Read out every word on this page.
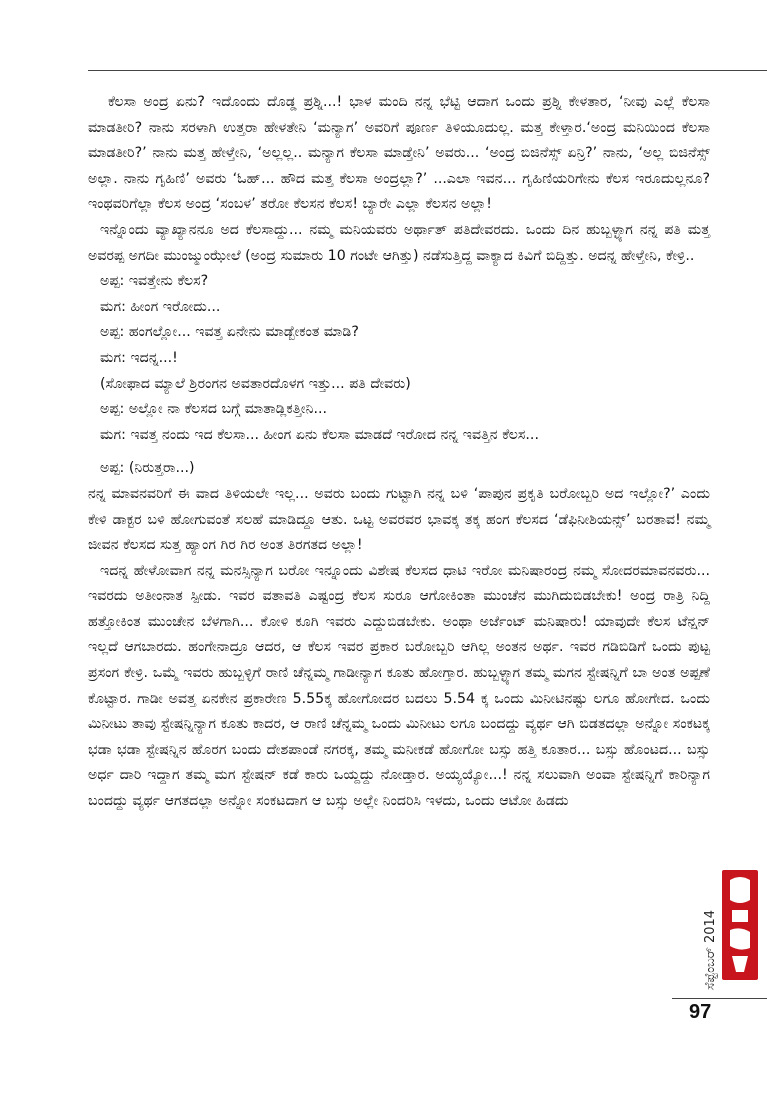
ಕೆಲಸಾ ಅಂದ್ರ ಏನು? ಇದೊಂದು ದೊಡ್ಡ ಪ್ರಶ್ನಿ...! ಭಾಳ ಮಂದಿ ನನ್ನ ಭೆಟ್ಟಿ ಆದಾಗ ಒಂದು ಪ್ರಶ್ನಿ ಕೇಳತಾರ, ‘ನೀವು ಎಲ್ಲೆ ಕೆಲಸಾ ಮಾಡತೀರಿ? ನಾನು ಸರಳಾಗಿ ಉತ್ತರಾ ಹೇಳತೇನಿ ‘ಮನ್ಯಾಗ’ ಅವರಿಗೆ ಪೂರ್ಣ ತಿಳಿಯೂದುಲ್ಲ. ಮತ್ತ ಕೇಳ್ತಾರ.‘ಅಂದ್ರ ಮನಿಯಿಂದ ಕೆಲಸಾ ಮಾಡತೀರಿ?’ ನಾನು ಮತ್ತ ಹೇಳ್ತೇನಿ, ‘ಅಲ್ಲಲ್ಲ.. ಮನ್ಯಾಗ ಕೆಲಸಾ ಮಾಡ್ತೇನಿ’ ಅವರು... ‘ಅಂದ್ರ ಬಿಜಿನೆಸ್ಸ್ ಏನ್ರಿ?’ ನಾನು, ‘ಅಲ್ಲ ಬಿಜಿನೆಸ್ಸ್ ಅಲ್ಲಾ. ನಾನು ಗೃಹಿಣಿ’ ಅವರು ‘ಓಹ್... ಹೌದ ಮತ್ತ ಕೆಲಸಾ ಅಂದ್ರಲ್ಲಾ?’ ...ಎಲಾ ಇವನ... ಗೃಹಿಣಿಯರಿಗೇನು ಕೆಲಸ ಇರೂದುಲ್ಲನೂ? ಇಂಥವರಿಗೆಲ್ಲಾ ಕೆಲಸ ಅಂದ್ರ ‘ಸಂಬಳ’ ತರೋ ಕೆಲಸನ ಕೆಲಸ! ಬ್ಯಾರೇ ಎಲ್ಲಾ ಕೆಲಸನ ಅಲ್ಲಾ!

ಇನ್ನೊಂದು ವ್ಯಾಖ್ಯಾನನೂ ಅದ ಕೆಲಸಾದ್ದು... ನಮ್ಮ ಮನಿಯವರು ಅರ್ಥಾತ್ ಪತಿದೇವರದು. ಒಂದು ದಿನ ಹುಬ್ಬಳ್ಳ್ಯಾಗ ನನ್ನ ಪತಿ ಮತ್ತ ಅವರಪ್ಪ ಅಗದೀ ಮುಂಜ್ಮುಂಝೇಲೆ (ಅಂದ್ರ ಸುಮಾರು 10 ಗಂಟೇ ಆಗಿತ್ತು) ನಡೆಸುತ್ತಿದ್ದ ವಾಕ್ಯಾದ ಕಿವಿಗೆ ಬಿದ್ದಿತ್ತು. ಅದನ್ನ ಹೇಳ್ತೇನಿ, ಕೇಳ್ರಿ..

ಅಪ್ಪ: ಇವತ್ತೇನು ಕೆಲಸ?

ಮಗ: ಹೀಂಗ ಇರೋದು...

ಅಪ್ಪ: ಹಂಗಲ್ಲೋ... ಇವತ್ತ ಏನೇನು ಮಾಡ್ಬೇಕಂತ ಮಾಡಿ?

ಮಗ: ಇದನ್ನ...!

(ಸೋಫಾದ ಮ್ಯಾಲೆ ಶ್ರಿರಂಗನ ಅವತಾರದೊಳಗ ಇತ್ತು... ಪತಿ ದೇವರು)

ಅಪ್ಪ: ಅಲ್ಲೋ ನಾ ಕೆಲಸದ ಬಗ್ಗೆ ಮಾತಾಡ್ಲಿಕತ್ತೀನಿ...

ಮಗ: ಇವತ್ತ ನಂದು ಇದ ಕೆಲಸಾ... ಹೀಂಗ ಏನು ಕೆಲಸಾ ಮಾಡದೆ ಇರೋದ ನನ್ನ ಇವತ್ತಿನ ಕೆಲಸ...

ಅಪ್ಪ: (ನಿರುತ್ತರಾ...)

ನನ್ನ ಮಾವನವರಿಗೆ ಈ ವಾದ ತಿಳಿಯಲೇ ಇಲ್ಲ... ಅವರು ಬಂದು ಗುಟ್ಟಾಗಿ ನನ್ನ ಬಳಿ ‘ಪಾಪುನ ಪ್ರಕೃತಿ ಬರೋಬ್ಬರಿ ಅದ ಇಲ್ಲೋ?’ ಎಂದು ಕೇಳಿ ಡಾಕ್ಟರ ಬಳಿ ಹೋಗುವಂತೆ ಸಲಹೆ ಮಾಡಿದ್ದೂ ಆತು. ಒಟ್ಟ ಅವರವರ ಭಾವಕ್ಕ ತಕ್ಕ ಹಂಗ ಕೆಲಸದ ‘ಡೆಫಿನೀಶಿಯನ್ಸ್’ ಬರತಾವ! ನಮ್ಮ ಜೀವನ ಕೆಲಸದ ಸುತ್ತ ಹ್ಯಾಂಗ ಗಿರ ಗಿರ ಅಂತ ತಿರಗತದ ಅಲ್ಲಾ!

ಇದನ್ನ ಹೇಳೋವಾಗ ನನ್ನ ಮನಸ್ಸಿನ್ಯಾಗ ಬರೋ ಇನ್ನೂಂದು ವಿಶೇಷ ಕೆಲಸದ ಧಾಟಿ ಇರೋ ಮನಿಷಾರಂದ್ರ ನಮ್ಮ ಸೋದರಮಾವನವರು... ಇವರದು ಅತೀಂನಾತ ಸ್ಪೀಡು. ಇವರ ವತಾವತಿ ಎಷ್ಟಂದ್ರ ಕೆಲಸ ಸುರೂ ಆಗೋಕಿಂತಾ ಮುಂಚೆನ ಮುಗಿದುಬಿಡಬೇಕು! ಅಂದ್ರ ರಾತ್ರಿ ನಿದ್ದಿ ಹತ್ತೋಕಿಂತ ಮುಂಚೇನ ಬೆಳಗಾಗಿ... ಕೋಳಿ ಕೂಗಿ ಇವರು ಎದ್ದುಬಿಡಬೇಕು. ಅಂಥಾ ಅರ್ಜೆಂಟ್ ಮನಿಷಾರು! ಯಾವುದೇ ಕೆಲಸ ಟೆನ್ಷನ್ ಇಲ್ಲದೆ ಆಗಬಾರದು. ಹಂಗೇನಾದ್ರೂ ಆದರ, ಆ ಕೆಲಸ ಇವರ ಪ್ರಕಾರ ಬರೋಬ್ಬರಿ ಆಗಿಲ್ಲ ಅಂತನ ಅರ್ಥ. ಇವರ ಗಡಿಬಿಡಿಗೆ ಒಂದು ಪುಟ್ಟ ಪ್ರಸಂಗ ಕೇಳ್ರಿ. ಒಮ್ಮೆ ಇವರು ಹುಬ್ಬಳ್ಳಿಗೆ ರಾಣಿ ಚೆನ್ನಮ್ಮ ಗಾಡೀನ್ಯಾಗ ಕೂತು ಹೋಗ್ತಾರ. ಹುಬ್ಬಳ್ಳ್ಯಾಗ ತಮ್ಮ ಮಗನ ಸ್ಟೇಷನ್ನಿಗೆ ಬಾ ಅಂತ ಅಪ್ಪಣೆ ಕೊಟ್ಟಾರ. ಗಾಡೀ ಅವತ್ತ ಏನಕೇನ ಪ್ರಕಾರೇಣ 5.55ಕ್ಕ ಹೋಗೋದರ ಬದಲು 5.54 ಕ್ಕ ಒಂದು ಮಿನೀಟಿನಷ್ಟು ಲಗೂ ಹೋಗೇದ. ಒಂದು ಮಿನೀಟು ತಾವು ಸ್ಟೇಷನ್ನಿನ್ಯಾಗ ಕೂತು ಕಾದರ, ಆ ರಾಣಿ ಚೆನ್ನಮ್ಮ ಒಂದು ಮಿನೀಟು ಲಗೂ ಬಂದದ್ದು ವ್ಯರ್ಥ ಆಗಿ ಬಿಡತದಲ್ಲಾ ಅನ್ನೋ ಸಂಕಟಕ್ಕ ಭಡಾ ಭಡಾ ಸ್ಟೇಷನ್ನಿನ ಹೊರಗ ಬಂದು ದೇಶಪಾಂಡೆ ನಗರಕ್ಕ, ತಮ್ಮ ಮನೀಕಡೆ ಹೋಗೋ ಬಸ್ಸು ಹತ್ತಿ ಕೂತಾರ... ಬಸ್ಸು ಹೊಂಟದ... ಬಸ್ಸು ಅರ್ಧ ದಾರಿ ಇದ್ದಾಗ ತಮ್ಮ ಮಗ ಸ್ಟೇಷನ್ ಕಡೆ ಕಾರು ಒಯ್ದದ್ದು ನೋಡ್ತಾರ. ಅಯ್ಯಯ್ಯೋ...! ನನ್ನ ಸಲುವಾಗಿ ಅಂವಾ ಸ್ಟೇಷನ್ನಿಗೆ ಕಾರಿನ್ಯಾಗ ಬಂದದ್ದು ವ್ಯರ್ಥ ಆಗತದಲ್ಲಾ ಅನ್ನೋ ಸಂಕಟದಾಗ ಆ ಬಸ್ಸು ಅಲ್ಲೇ ನಿಂದರಿಸಿ ಇಳದು, ಒಂದು ಆಟೋ ಹಿಡದು

ಸೆಪ್ಟೆಂಬರ್ 2014
97
